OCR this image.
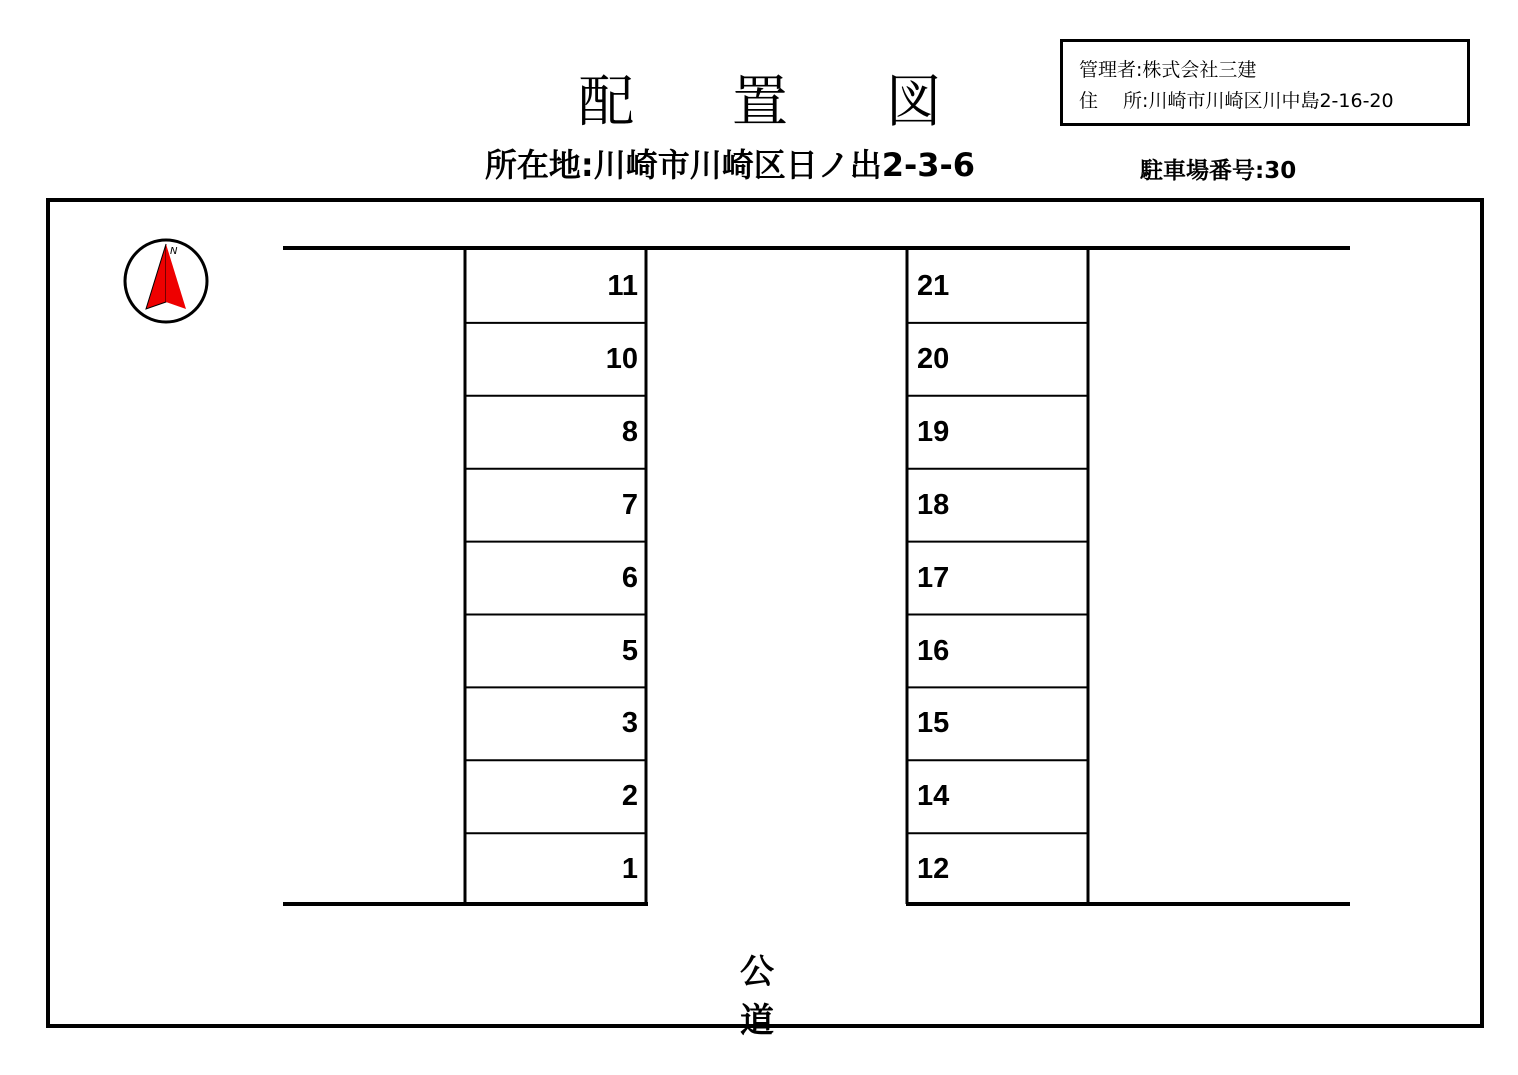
配 置 図
所在地:川崎市川崎区日ノ出2-3-6
管理者:株式会社三建
住　 所:川崎市川崎区川中島2-16-20
駐車場番号:30
N
11
10
8
7
6
5
3
2
1
21
20
19
18
17
16
15
14
12
公 道
